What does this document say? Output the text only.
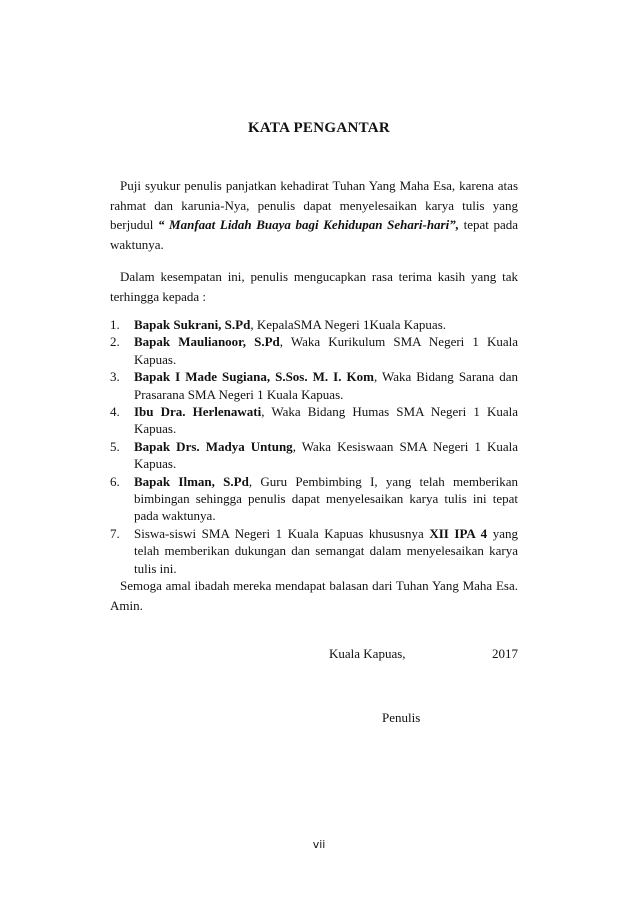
KATA PENGANTAR

Puji syukur penulis panjatkan kehadirat Tuhan Yang Maha Esa, karena atas rahmat dan karunia-Nya, penulis dapat menyelesaikan karya tulis yang berjudul “ Manfaat Lidah Buaya bagi Kehidupan Sehari-hari”, tepat pada waktunya.

Dalam kesempatan ini, penulis mengucapkan rasa terima kasih yang tak terhingga kepada :

1. Bapak Sukrani, S.Pd, KepalaSMA Negeri 1Kuala Kapuas.
2. Bapak Maulianoor, S.Pd, Waka Kurikulum SMA Negeri 1 Kuala Kapuas.
3. Bapak I Made Sugiana, S.Sos. M. I. Kom, Waka Bidang Sarana dan Prasarana SMA Negeri 1 Kuala Kapuas.
4. Ibu Dra. Herlenawati, Waka Bidang Humas SMA Negeri 1 Kuala Kapuas.
5. Bapak Drs. Madya Untung, Waka Kesiswaan SMA Negeri 1 Kuala Kapuas.
6. Bapak Ilman, S.Pd, Guru Pembimbing I, yang telah memberikan bimbingan sehingga penulis dapat menyelesaikan karya tulis ini tepat pada waktunya.
7. Siswa-siswi SMA Negeri 1 Kuala Kapuas khususnya XII IPA 4 yang telah memberikan dukungan dan semangat dalam menyelesaikan karya tulis ini.

Semoga amal ibadah mereka mendapat balasan dari Tuhan Yang Maha Esa. Amin.

Kuala Kapuas,	2017
Penulis
vii
